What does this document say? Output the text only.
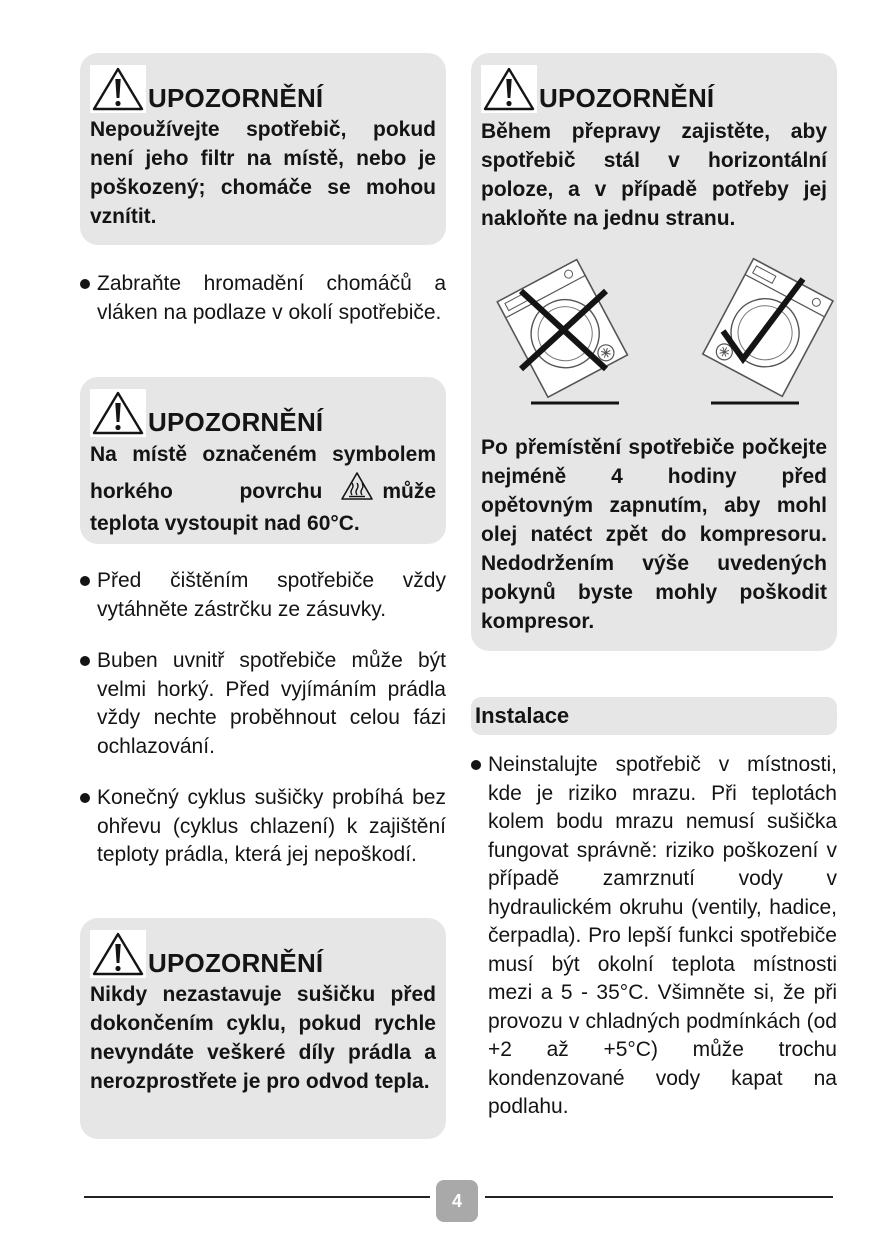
UPOZORNĚNÍ

Nepoužívejte spotřebič, pokud není jeho filtr na místě, nebo je poškozený; chomáče se mohou vznítit.

Zabraňte hromadění chomáčů a vláken na podlaze v okolí spotřebiče.
UPOZORNĚNÍ

Na místě označeném symbolem horkého povrchu	může teplota vystoupit nad 60°C.

Před čištěním spotřebiče vždy vytáhněte zástrčku ze zásuvky.
Buben uvnitř spotřebiče může být velmi horký. Před vyjímáním prádla vždy nechte proběhnout celou fázi ochlazování.
Konečný cyklus sušičky probíhá bez ohřevu (cyklus chlazení) k zajištění teploty prádla, která jej nepoškodí.
UPOZORNĚNÍ

Nikdy nezastavuje sušičku před dokončením cyklu, pokud rychle nevyndáte veškeré díly prádla a nerozprostřete je pro odvod tepla.

UPOZORNĚNÍ

Během přepravy zajistěte, aby spotřebič stál v horizontální poloze, a v případě potřeby jej nakloňte na jednu stranu.

Po přemístění spotřebiče počkejte nejméně 4 hodiny před opětovným zapnutím, aby mohl olej natéct zpět do kompresoru. Nedodržením výše uvedených pokynů byste mohly poškodit kompresor.

Instalace
Neinstalujte spotřebič v místnosti, kde je riziko mrazu. Při teplotách kolem bodu mrazu nemusí sušička fungovat správně: riziko poškození v případě zamrznutí vody v hydraulickém okruhu (ventily, hadice, čerpadla). Pro lepší funkci spotřebiče musí být okolní teplota místnosti mezi a 5 - 35°C. Všimněte si, že při provozu v chladných podmínkách (od +2 až +5°C) může trochu kondenzované vody kapat na podlahu.
4
